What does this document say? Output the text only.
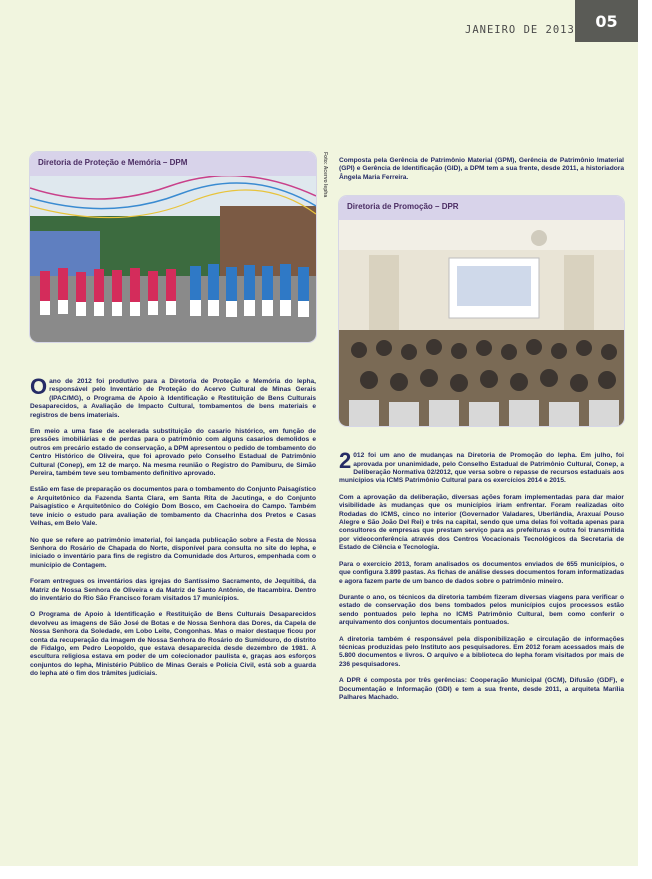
JANEIRO DE 2013	05
Diretoria de Proteção e Memória – DPM

O ano de 2012 foi produtivo para a Diretoria de Proteção e Memória do Iepha, responsável pelo Inventário de Proteção do Acervo Cultural de Minas Gerais (IPAC/MG), o Programa de Apoio à Identificação e Restituição de Bens Culturais Desaparecidos, a Avaliação de Impacto Cultural, tombamentos de bens materiais e registros de bens imateriais.

Em meio a uma fase de acelerada substituição do casario histórico, em função de pressões imobiliárias e de perdas para o patrimônio com alguns casarios demolidos e outros em precário estado de conservação, a DPM apresentou o pedido de tombamento do Centro Histórico de Oliveira, que foi aprovado pelo Conselho Estadual de Patrimônio Cultural (Conep), em 12 de março. Na mesma reunião o Registro do Pamiburu, de Simão Pereira, também teve seu tombamento definitivo aprovado.

Estão em fase de preparação os documentos para o tombamento do Conjunto Paisagístico e Arquitetônico da Fazenda Santa Clara, em Santa Rita de Jacutinga, e do Conjunto Paisagístico e Arquitetônico do Colégio Dom Bosco, em Cachoeira do Campo. Também teve início o estudo para avaliação de tombamento da Chacrinha dos Pretos e Casas Velhas, em Belo Vale.

No que se refere ao patrimônio imaterial, foi lançada publicação sobre a Festa de Nossa Senhora do Rosário de Chapada do Norte, disponível para consulta no site do Iepha, e iniciado o inventário para fins de registro da Comunidade dos Arturos, empenhada com o município de Contagem.

Foram entregues os inventários das igrejas do Santíssimo Sacramento, de Jequitibá, da Matriz de Nossa Senhora de Oliveira e da Matriz de Santo Antônio, de Itacambira. Dentro do inventário do Rio São Francisco foram visitados 17 municípios.

O Programa de Apoio à Identificação e Restituição de Bens Culturais Desaparecidos devolveu as imagens de São José de Botas e de Nossa Senhora das Dores, da Capela de Nossa Senhora da Soledade, em Lobo Leite, Congonhas. Mas o maior destaque ficou por conta da recuperação da imagem de Nossa Senhora do Rosário do Sumidouro, do distrito de Fidalgo, em Pedro Leopoldo, que estava desaparecida desde dezembro de 1981. A escultura religiosa estava em poder de um colecionador paulista e, graças aos esforços conjuntos do Iepha, Ministério Público de Minas Gerais e Polícia Civil, está sob a guarda do Iepha até o fim dos trâmites judiciais.

Foto: Acervo Iepha Composta pela Gerência de Patrimônio Material (GPM), Gerência de Patrimônio Imaterial (GPI) e Gerência de Identificação (GID), a DPM tem a sua frente, desde 2011, a historiadora Ângela Maria Ferreira.

Diretoria de Promoção – DPR

2 012 foi um ano de mudanças na Diretoria de Promoção do Iepha. Em julho, foi aprovada por unanimidade, pelo Conselho Estadual de Patrimônio Cultural, Conep, a Deliberação Normativa 02/2012, que versa sobre o repasse de recursos estaduais aos municípios via ICMS Patrimônio Cultural para os exercícios 2014 e 2015.

Com a aprovação da deliberação, diversas ações foram implementadas para dar maior visibilidade às mudanças que os municípios iriam enfrentar. Foram realizadas oito Rodadas do ICMS, cinco no interior (Governador Valadares, Uberlândia, Araxuaí Pouso Alegre e São João Del Rei) e três na capital, sendo que uma delas foi voltada apenas para consultores de empresas que prestam serviço para as prefeituras e outra foi transmitida por videoconferência através dos Centros Vocacionais Tecnológicos da Secretaria de Estado de Ciência e Tecnologia.

Para o exercício 2013, foram analisados os documentos enviados de 655 municípios, o que configura 3.899 pastas. As fichas de análise desses documentos foram informatizadas e agora fazem parte de um banco de dados sobre o patrimônio mineiro.

Durante o ano, os técnicos da diretoria também fizeram diversas viagens para verificar o estado de conservação dos bens tombados pelos municípios cujos processos estão sendo pontuados pelo Iepha no ICMS Patrimônio Cultural, bem como conferir o arquivamento dos conjuntos documentais pontuados.

A diretoria também é responsável pela disponibilização e circulação de informações técnicas produzidas pelo Instituto aos pesquisadores. Em 2012 foram acessados mais de 5.800 documentos e livros. O arquivo e a biblioteca do Iepha foram visitados por mais de 236 pesquisadores.

A DPR é composta por três gerências: Cooperação Municipal (GCM), Difusão (GDF), e Documentação e Informação (GDI) e tem a sua frente, desde 2011, a arquiteta Marília Palhares Machado.
